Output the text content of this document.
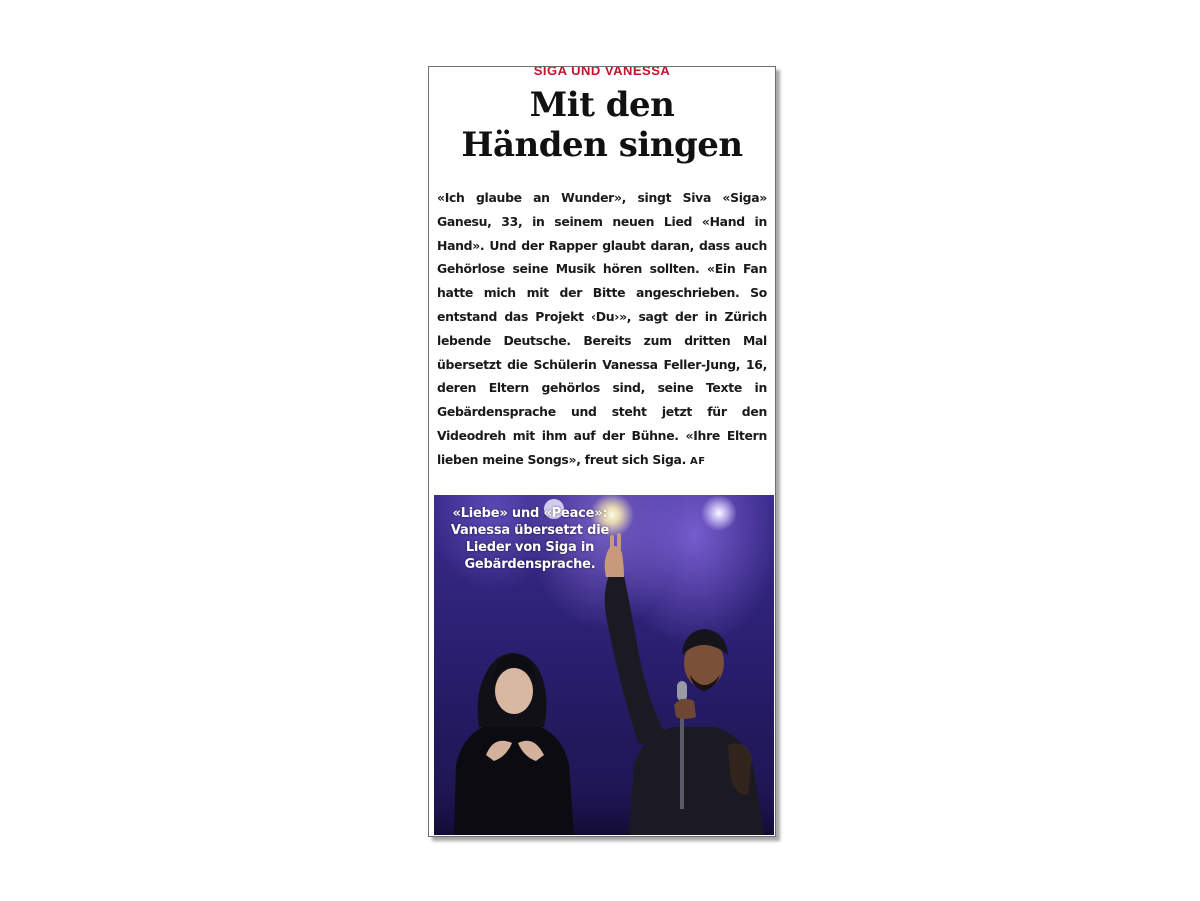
SIGA UND VANESSA
Mit den
Händen singen
«Ich glaube an Wunder», singt Siva «Siga» Ganesu, 33, in seinem neuen Lied «Hand in Hand». Und der Rapper glaubt daran, dass auch Gehörlose seine Musik hören sollten. «Ein Fan hatte mich mit der Bitte angeschrieben. So entstand das Projekt ‹Du›», sagt der in Zürich lebende Deutsche. Bereits zum dritten Mal übersetzt die Schülerin Vanessa Feller-Jung, 16, deren Eltern gehörlos sind, seine Texte in Gebärdensprache und steht jetzt für den Videodreh mit ihm auf der Bühne. «Ihre Eltern lieben meine Songs», freut sich Siga. AF
«Liebe» und «Peace»: Vanessa übersetzt die Lieder von Siga in Gebärdensprache.
